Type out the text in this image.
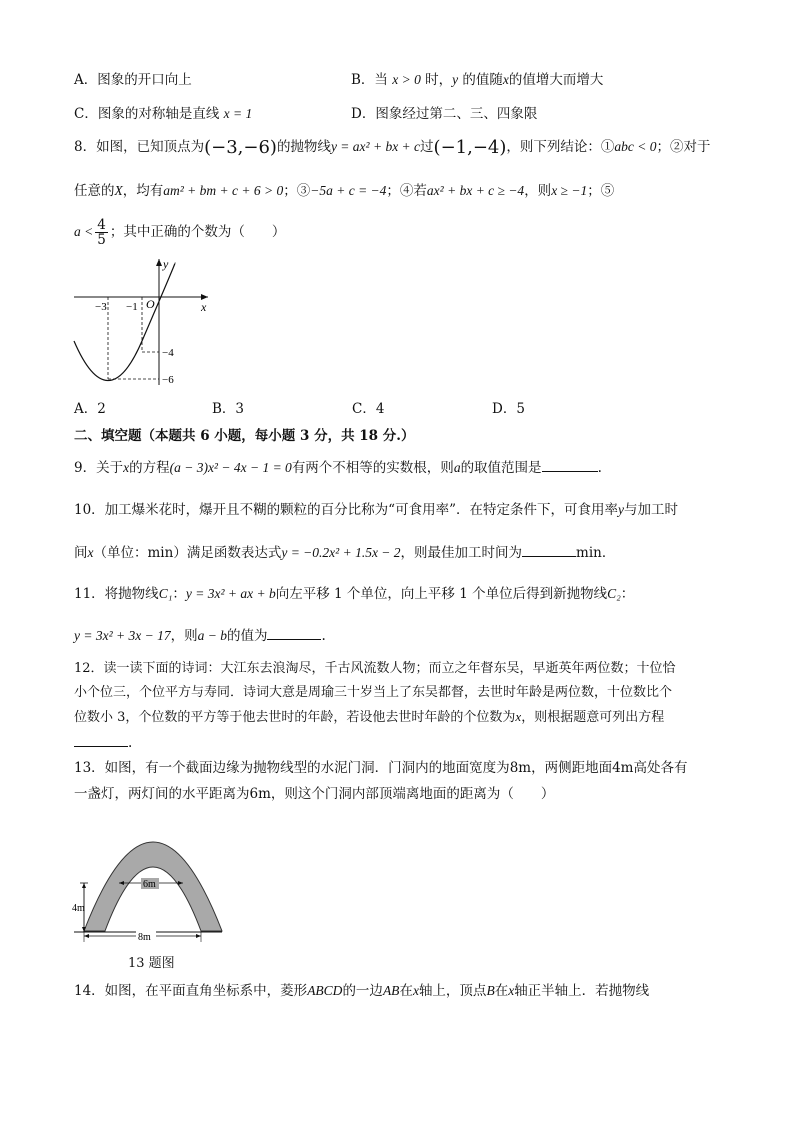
A．图象的开口向上	B．当 x > 0 时，y 的值随x的值增大而增大
C．图象的对称轴是直线 x = 1	D．图象经过第二、三、四象限
8．如图，已知顶点为(−3,−6)的抛物线y = ax² + bx + c过(−1,−4)，则下列结论：①abc < 0；②对于
任意的X，均有am² + bm + c + 6 > 0；③−5a + c = −4；④若ax² + bx + c ≥ −4，则x ≥ −1；⑤
$a < \frac{4}{5}$ ；其中正确的个数为（　　）
x
y
O
−3 −1
−4
−6
A．2	B．3	C．4	D．5
二、填空题（本题共 6 小题，每小题 3 分，共 18 分.）
9．关于x的方程(a − 3)x² − 4x − 1 = 0有两个不相等的实数根，则a的取值范围是	.
10．加工爆米花时，爆开且不糊的颗粒的百分比称为“可食用率”．在特定条件下，可食用率y与加工时
间x（单位：min）满足函数表达式y = −0.2x² + 1.5x − 2，则最佳加工时间为	min．
11．将抛物线C₁：y = 3x² + ax + b向左平移 1 个单位，向上平移 1 个单位后得到新抛物线C₂：
y = 3x² + 3x − 17，则a − b的值为	.
12．读一读下面的诗词：大江东去浪淘尽，千古风流数人物；而立之年督东吴，早逝英年两位数；十位恰
小个位三，个位平方与寿同．诗词大意是周瑜三十岁当上了东吴都督，去世时年龄是两位数，十位数比个
位数小 3，个位数的平方等于他去世时的年龄，若设他去世时年龄的个位数为x，则根据题意可列出方程
.
13．如图，有一个截面边缘为抛物线型的水泥门洞．门洞内的地面宽度为8m，两侧距地面4m高处各有
一盏灯，两灯间的水平距离为6m，则这个门洞内部顶端离地面的距离为（　　）
6m
4m
8m
13 题图
14．如图，在平面直角坐标系中，菱形ABCD的一边AB在x轴上，顶点B在x轴正半轴上．若抛物线
